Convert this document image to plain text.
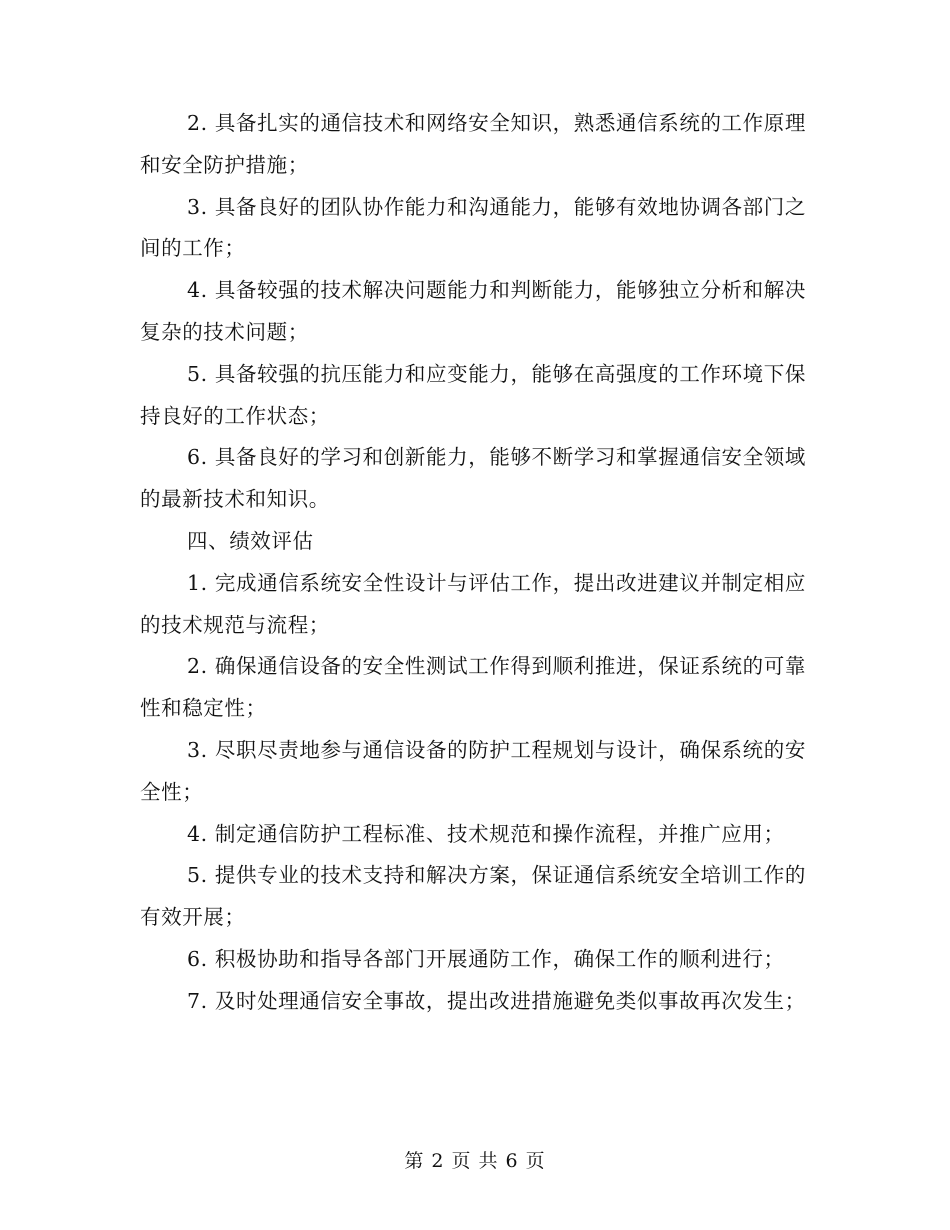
2. 具备扎实的通信技术和网络安全知识，熟悉通信系统的工作原理和安全防护措施；

3. 具备良好的团队协作能力和沟通能力，能够有效地协调各部门之间的工作；

4. 具备较强的技术解决问题能力和判断能力，能够独立分析和解决复杂的技术问题；

5. 具备较强的抗压能力和应变能力，能够在高强度的工作环境下保持良好的工作状态；

6. 具备良好的学习和创新能力，能够不断学习和掌握通信安全领域的最新技术和知识。

四、绩效评估

1. 完成通信系统安全性设计与评估工作，提出改进建议并制定相应的技术规范与流程；

2. 确保通信设备的安全性测试工作得到顺利推进，保证系统的可靠性和稳定性；

3. 尽职尽责地参与通信设备的防护工程规划与设计，确保系统的安全性；

4. 制定通信防护工程标准、技术规范和操作流程，并推广应用；

5. 提供专业的技术支持和解决方案，保证通信系统安全培训工作的有效开展；

6. 积极协助和指导各部门开展通防工作，确保工作的顺利进行；

7. 及时处理通信安全事故，提出改进措施避免类似事故再次发生；

第 2 页 共 6 页
